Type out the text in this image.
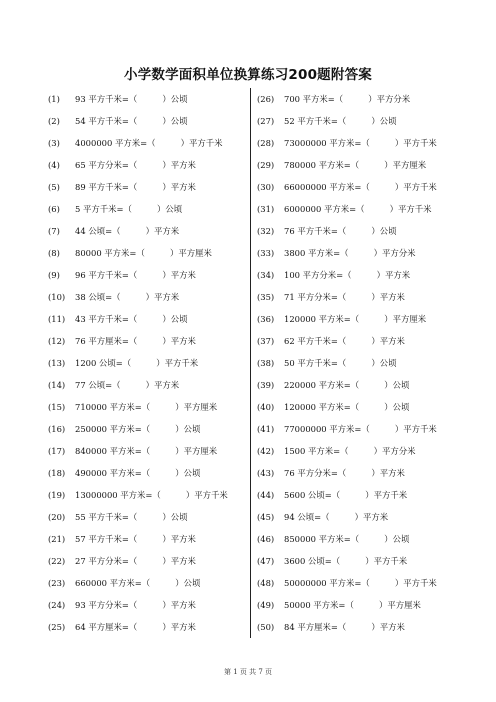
小学数学面积单位换算练习200题附答案
(1)	93 平方千米=（　　　）公顷
(2)	54 平方千米=（　　　）公顷
(3)	4000000 平方米=（　　　）平方千米
(4)	65 平方分米=（　　　）平方米
(5)	89 平方千米=（　　　）平方米
(6)	5 平方千米=（　　　）公顷
(7)	44 公顷=（　　　）平方米
(8)	80000 平方米=（　　　）平方厘米
(9)	96 平方千米=（　　　）平方米
(10)	38 公顷=（　　　）平方米
(11)	43 平方千米=（　　　）公顷
(12)	76 平方厘米=（　　　）平方米
(13)	1200 公顷=（　　　）平方千米
(14)	77 公顷=（　　　）平方米
(15)	710000 平方米=（　　　）平方厘米
(16)	250000 平方米=（　　　）公顷
(17)	840000 平方米=（　　　）平方厘米
(18)	490000 平方米=（　　　）公顷
(19)	13000000 平方米=（　　　）平方千米
(20)	55 平方千米=（　　　）公顷
(21)	57 平方千米=（　　　）平方米
(22)	27 平方分米=（　　　）平方米
(23)	660000 平方米=（　　　）公顷
(24)	93 平方分米=（　　　）平方米
(25)	64 平方厘米=（　　　）平方米
(26)	700 平方米=（　　　）平方分米
(27)	52 平方千米=（　　　）公顷
(28)	73000000 平方米=（　　　）平方千米
(29)	780000 平方米=（　　　）平方厘米
(30)	66000000 平方米=（　　　）平方千米
(31)	6000000 平方米=（　　　）平方千米
(32)	76 平方千米=（　　　）公顷
(33)	3800 平方米=（　　　）平方分米
(34)	100 平方分米=（　　　）平方米
(35)	71 平方分米=（　　　）平方米
(36)	120000 平方米=（　　　）平方厘米
(37)	62 平方千米=（　　　）平方米
(38)	50 平方千米=（　　　）公顷
(39)	220000 平方米=（　　　）公顷
(40)	120000 平方米=（　　　）公顷
(41)	77000000 平方米=（　　　）平方千米
(42)	1500 平方米=（　　　）平方分米
(43)	76 平方分米=（　　　）平方米
(44)	5600 公顷=（　　　）平方千米
(45)	94 公顷=（　　　）平方米
(46)	850000 平方米=（　　　）公顷
(47)	3600 公顷=（　　　）平方千米
(48)	50000000 平方米=（　　　）平方千米
(49)	50000 平方米=（　　　）平方厘米
(50)	84 平方厘米=（　　　）平方米
第 1 页 共 7 页
